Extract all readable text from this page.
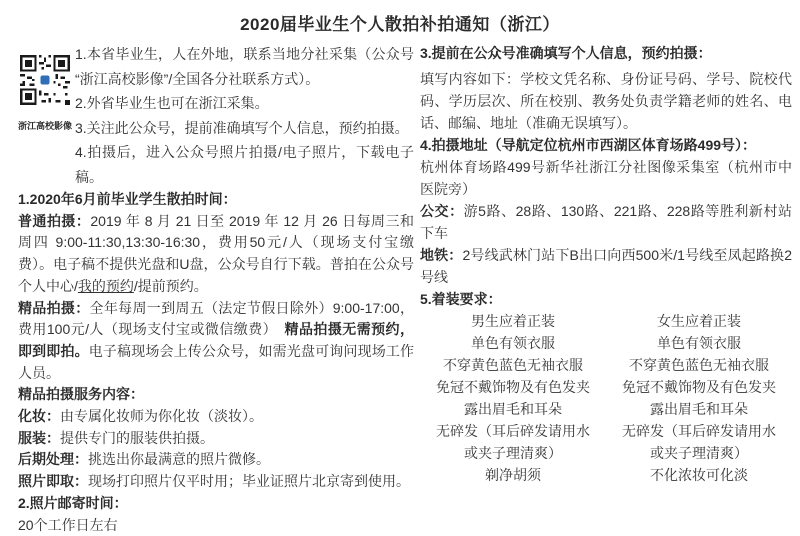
2020届毕业生个人散拍补拍通知（浙江）
浙江高校影像

1.本省毕业生，人在外地，联系当地分社采集（公众号“浙江高校影像”/全国各分社联系方式）。

2.外省毕业生也可在浙江采集。

3.关注此公众号，提前准确填写个人信息，预约拍摄。

4.拍摄后，进入公众号照片拍摄/电子照片，下载电子稿。

1.2020年6月前毕业学生散拍时间：

普通拍摄：2019 年 8 月 21 日至 2019 年 12 月 26 日每周三和周四 9:00-11:30,13:30-16:30，费用50元/人（现场支付宝缴费）。电子稿不提供光盘和U盘，公众号自行下载。普拍在公众号个人中心/我的预约/提前预约。

精品拍摄：全年每周一到周五（法定节假日除外）9:00-17:00，费用100元/人（现场支付宝或微信缴费）　精品拍摄无需预约，即到即拍。电子稿现场会上传公众号，如需光盘可询问现场工作人员。

精品拍摄服务内容：

化妆：由专属化妆师为你化妆（淡妆）。

服装：提供专门的服装供拍摄。

后期处理：挑选出你最满意的照片微修。

照片即取：现场打印照片仅平时用；毕业证照片北京寄到使用。

2.照片邮寄时间：

20个工作日左右

3.提前在公众号准确填写个人信息，预约拍摄：

填写内容如下：学校文凭名称、身份证号码、学号、院校代码、学历层次、所在校别、教务处负责学籍老师的姓名、电话、邮编、地址（准确无误填写）。

4.拍摄地址（导航定位杭州市西湖区体育场路499号）：

杭州体育场路499号新华社浙江分社图像采集室（杭州市中医院旁）

公交：游5路、28路、130路、221路、228路等胜利新村站下车

地铁：2号线武林门站下B出口向西500米/1号线至凤起路换2号线

5.着装要求：

男生应着正装
单色有领衣服
不穿黄色蓝色无袖衣服
免冠不戴饰物及有色发夹
露出眉毛和耳朵
无碎发（耳后碎发请用水
或夹子理清爽）
剃净胡须
女生应着正装
单色有领衣服
不穿黄色蓝色无袖衣服
免冠不戴饰物及有色发夹
露出眉毛和耳朵
无碎发（耳后碎发请用水
或夹子理清爽）
不化浓妆可化淡
